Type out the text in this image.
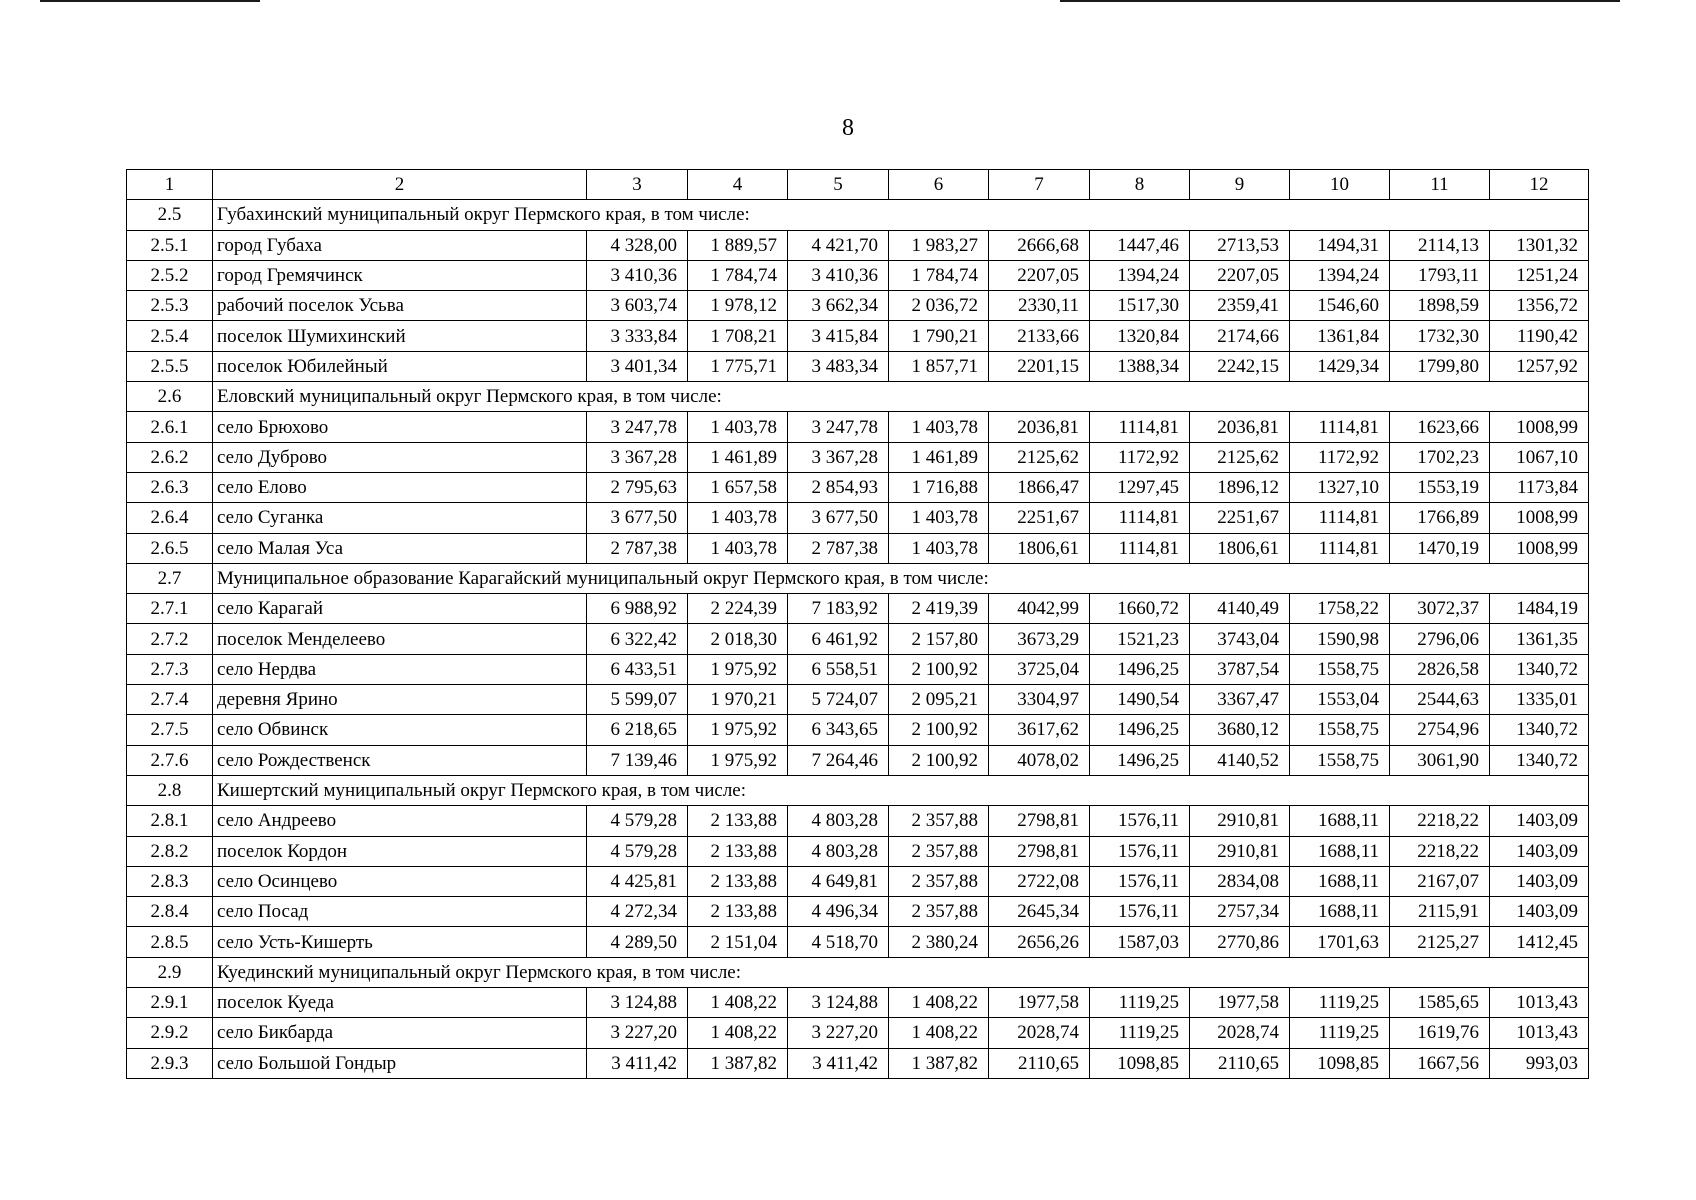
8
1	2	3	4	5	6	7	8	9	10	11	12
2.5	Губахинский муниципальный округ Пермского края, в том числе:										
2.5.1	город Губаха	4 328,00	1 889,57	4 421,70	1 983,27	2666,68	1447,46	2713,53	1494,31	2114,13	1301,32
2.5.2	город Гремячинск	3 410,36	1 784,74	3 410,36	1 784,74	2207,05	1394,24	2207,05	1394,24	1793,11	1251,24
2.5.3	рабочий поселок Усьва	3 603,74	1 978,12	3 662,34	2 036,72	2330,11	1517,30	2359,41	1546,60	1898,59	1356,72
2.5.4	поселок Шумихинский	3 333,84	1 708,21	3 415,84	1 790,21	2133,66	1320,84	2174,66	1361,84	1732,30	1190,42
2.5.5	поселок Юбилейный	3 401,34	1 775,71	3 483,34	1 857,71	2201,15	1388,34	2242,15	1429,34	1799,80	1257,92
2.6	Еловский муниципальный округ Пермского края, в том числе:										
2.6.1	село Брюхово	3 247,78	1 403,78	3 247,78	1 403,78	2036,81	1114,81	2036,81	1114,81	1623,66	1008,99
2.6.2	село Дуброво	3 367,28	1 461,89	3 367,28	1 461,89	2125,62	1172,92	2125,62	1172,92	1702,23	1067,10
2.6.3	село Елово	2 795,63	1 657,58	2 854,93	1 716,88	1866,47	1297,45	1896,12	1327,10	1553,19	1173,84
2.6.4	село Суганка	3 677,50	1 403,78	3 677,50	1 403,78	2251,67	1114,81	2251,67	1114,81	1766,89	1008,99
2.6.5	село Малая Уса	2 787,38	1 403,78	2 787,38	1 403,78	1806,61	1114,81	1806,61	1114,81	1470,19	1008,99
2.7	Муниципальное образование Карагайский муниципальный округ Пермского края, в том числе:										
2.7.1	село Карагай	6 988,92	2 224,39	7 183,92	2 419,39	4042,99	1660,72	4140,49	1758,22	3072,37	1484,19
2.7.2	поселок Менделеево	6 322,42	2 018,30	6 461,92	2 157,80	3673,29	1521,23	3743,04	1590,98	2796,06	1361,35
2.7.3	село Нердва	6 433,51	1 975,92	6 558,51	2 100,92	3725,04	1496,25	3787,54	1558,75	2826,58	1340,72
2.7.4	деревня Ярино	5 599,07	1 970,21	5 724,07	2 095,21	3304,97	1490,54	3367,47	1553,04	2544,63	1335,01
2.7.5	село Обвинск	6 218,65	1 975,92	6 343,65	2 100,92	3617,62	1496,25	3680,12	1558,75	2754,96	1340,72
2.7.6	село Рождественск	7 139,46	1 975,92	7 264,46	2 100,92	4078,02	1496,25	4140,52	1558,75	3061,90	1340,72
2.8	Кишертский муниципальный округ Пермского края, в том числе:										
2.8.1	село Андреево	4 579,28	2 133,88	4 803,28	2 357,88	2798,81	1576,11	2910,81	1688,11	2218,22	1403,09
2.8.2	поселок Кордон	4 579,28	2 133,88	4 803,28	2 357,88	2798,81	1576,11	2910,81	1688,11	2218,22	1403,09
2.8.3	село Осинцево	4 425,81	2 133,88	4 649,81	2 357,88	2722,08	1576,11	2834,08	1688,11	2167,07	1403,09
2.8.4	село Посад	4 272,34	2 133,88	4 496,34	2 357,88	2645,34	1576,11	2757,34	1688,11	2115,91	1403,09
2.8.5	село Усть-Кишерть	4 289,50	2 151,04	4 518,70	2 380,24	2656,26	1587,03	2770,86	1701,63	2125,27	1412,45
2.9	Куединский муниципальный округ Пермского края, в том числе:										
2.9.1	поселок Куеда	3 124,88	1 408,22	3 124,88	1 408,22	1977,58	1119,25	1977,58	1119,25	1585,65	1013,43
2.9.2	село Бикбарда	3 227,20	1 408,22	3 227,20	1 408,22	2028,74	1119,25	2028,74	1119,25	1619,76	1013,43
2.9.3	село Большой Гондыр	3 411,42	1 387,82	3 411,42	1 387,82	2110,65	1098,85	2110,65	1098,85	1667,56	993,03
